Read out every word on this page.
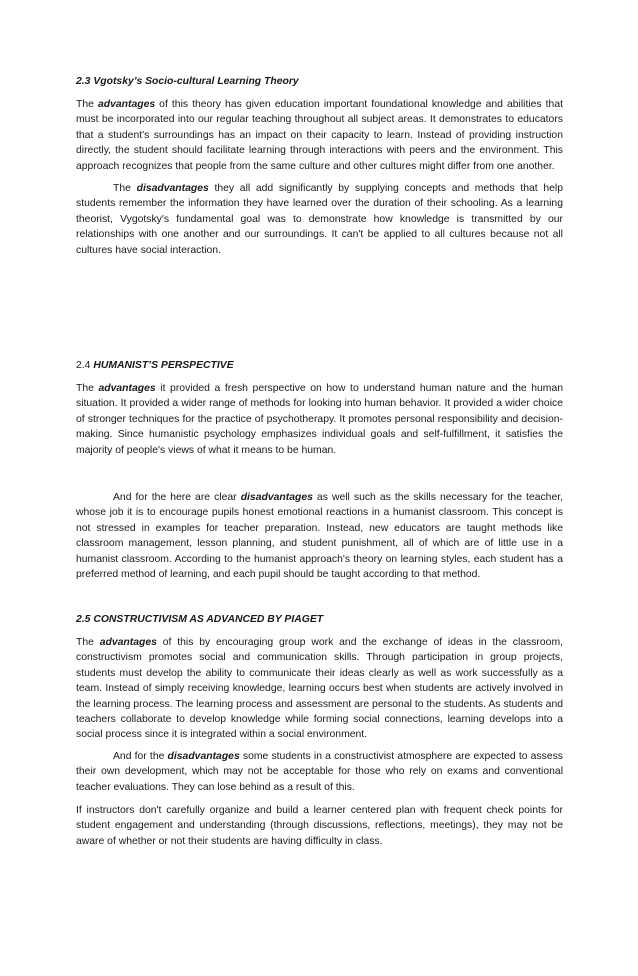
2.3 Vgotsky’s Socio-cultural Learning Theory

The advantages of this theory has given education important foundational knowledge and abilities that must be incorporated into our regular teaching throughout all subject areas. It demonstrates to educators that a student's surroundings has an impact on their capacity to learn. Instead of providing instruction directly, the student should facilitate learning through interactions with peers and the environment. This approach recognizes that people from the same culture and other cultures might differ from one another.

The disadvantages they all add significantly by supplying concepts and methods that help students remember the information they have learned over the duration of their schooling. As a learning theorist, Vygotsky's fundamental goal was to demonstrate how knowledge is transmitted by our relationships with one another and our surroundings. It can't be applied to all cultures because not all cultures have social interaction.

2.4 HUMANIST’S PERSPECTIVE

The advantages it provided a fresh perspective on how to understand human nature and the human situation. It provided a wider range of methods for looking into human behavior. It provided a wider choice of stronger techniques for the practice of psychotherapy. It promotes personal responsibility and decision-making. Since humanistic psychology emphasizes individual goals and self-fulfillment, it satisfies the majority of people's views of what it means to be human.

And for the here are clear disadvantages as well such as the skills necessary for the teacher, whose job it is to encourage pupils honest emotional reactions in a humanist classroom. This concept is not stressed in examples for teacher preparation. Instead, new educators are taught methods like classroom management, lesson planning, and student punishment, all of which are of little use in a humanist classroom. According to the humanist approach's theory on learning styles, each student has a preferred method of learning, and each pupil should be taught according to that method.

2.5 CONSTRUCTIVISM AS ADVANCED BY PIAGET

The advantages of this by encouraging group work and the exchange of ideas in the classroom, constructivism promotes social and communication skills. Through participation in group projects, students must develop the ability to communicate their ideas clearly as well as work successfully as a team. Instead of simply receiving knowledge, learning occurs best when students are actively involved in the learning process. The learning process and assessment are personal to the students. As students and teachers collaborate to develop knowledge while forming social connections, learning develops into a social process since it is integrated within a social environment.

And for the disadvantages some students in a constructivist atmosphere are expected to assess their own development, which may not be acceptable for those who rely on exams and conventional teacher evaluations. They can lose behind as a result of this.

If instructors don't carefully organize and build a learner centered plan with frequent check points for student engagement and understanding (through discussions, reflections, meetings), they may not be aware of whether or not their students are having difficulty in class.
